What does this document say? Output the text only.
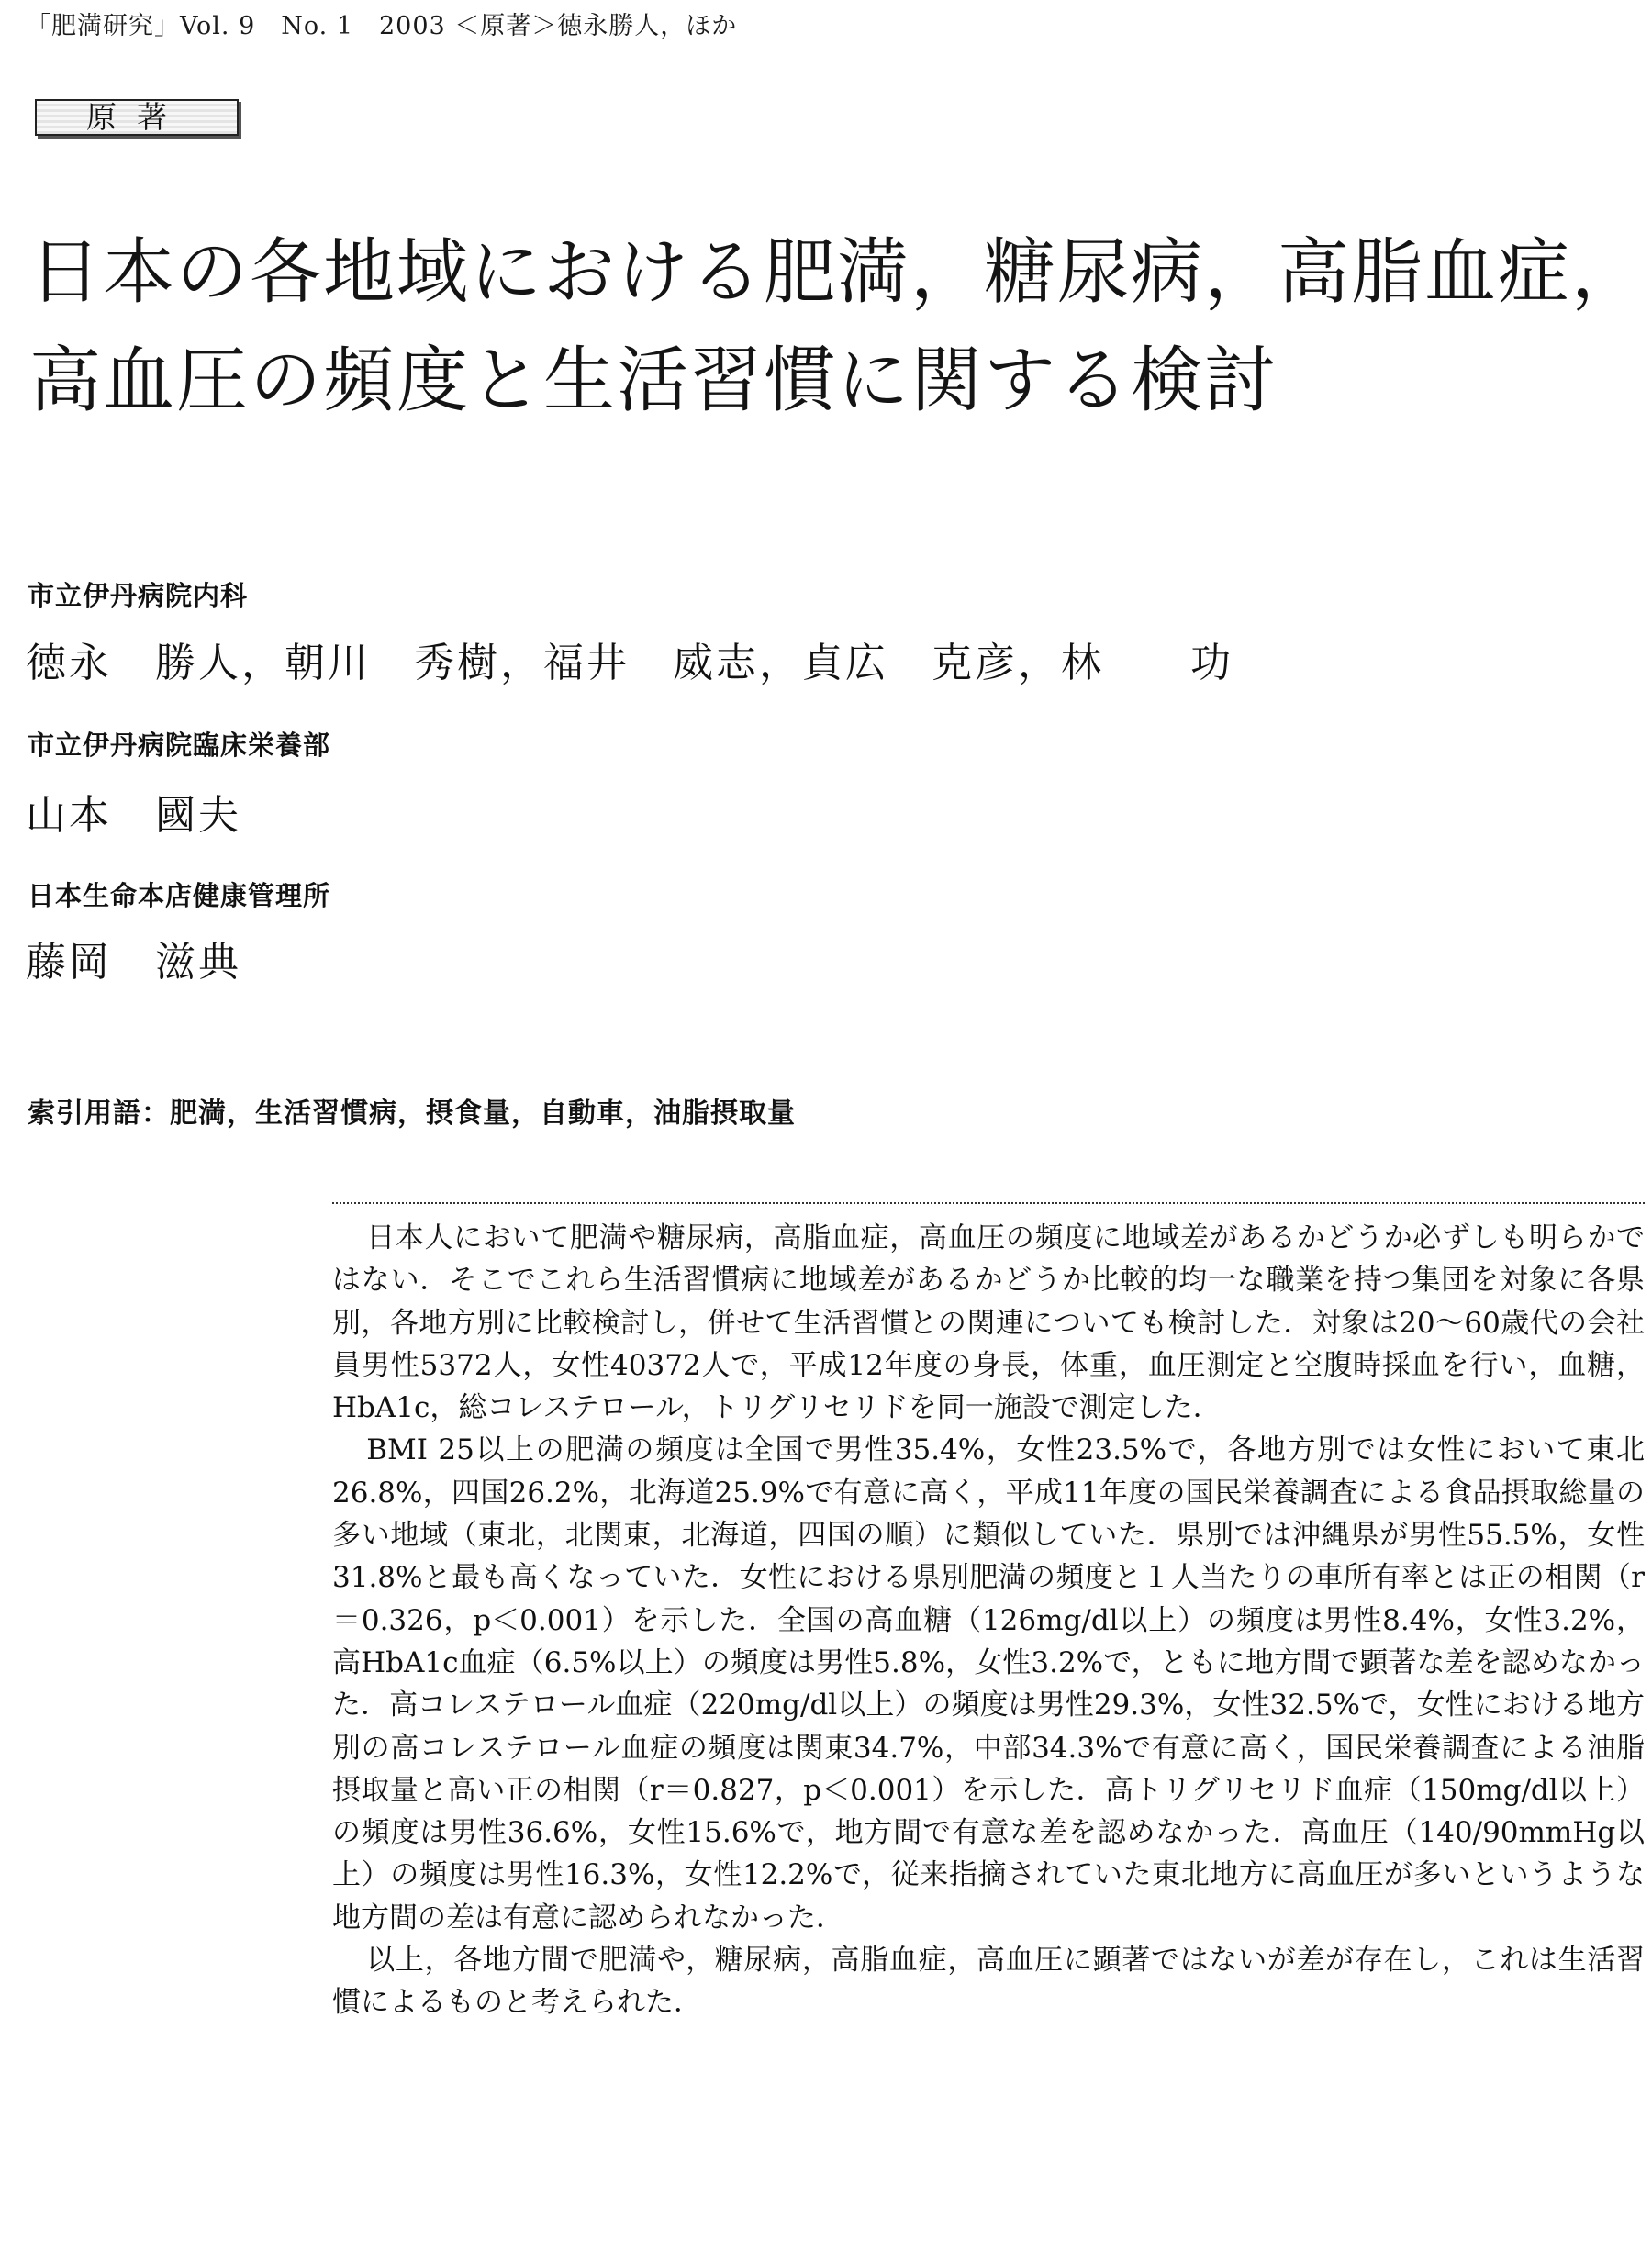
「肥満研究」Vol. 9　No. 1　2003 ＜原著＞徳永勝人，ほか
原著
日本の各地域における肥満，糖尿病，高脂血症，
高血圧の頻度と生活習慣に関する検討
市立伊丹病院内科
徳永　勝人，朝川　秀樹，福井　威志，貞広　克彦，林　　功
市立伊丹病院臨床栄養部
山本　國夫
日本生命本店健康管理所
藤岡　滋典
索引用語：肥満，生活習慣病，摂食量，自動車，油脂摂取量

日本人において肥満や糖尿病，高脂血症，高血圧の頻度に地域差があるかどうか必ずしも明らかではない．そこでこれら生活習慣病に地域差があるかどうか比較的均一な職業を持つ集団を対象に各県別，各地方別に比較検討し，併せて生活習慣との関連についても検討した．対象は20～60歳代の会社員男性5372人，女性40372人で，平成12年度の身長，体重，血圧測定と空腹時採血を行い，血糖，HbA1c，総コレステロール，トリグリセリドを同一施設で測定した．

BMI 25以上の肥満の頻度は全国で男性35.4%，女性23.5%で，各地方別では女性において東北26.8%，四国26.2%，北海道25.9%で有意に高く，平成11年度の国民栄養調査による食品摂取総量の多い地域（東北，北関東，北海道，四国の順）に類似していた．県別では沖縄県が男性55.5%，女性31.8%と最も高くなっていた．女性における県別肥満の頻度と１人当たりの車所有率とは正の相関（r＝0.326，p＜0.001）を示した．全国の高血糖（126mg/dl以上）の頻度は男性8.4%，女性3.2%，高HbA1c血症（6.5%以上）の頻度は男性5.8%，女性3.2%で，ともに地方間で顕著な差を認めなかった．高コレステロール血症（220mg/dl以上）の頻度は男性29.3%，女性32.5%で，女性における地方別の高コレステロール血症の頻度は関東34.7%，中部34.3%で有意に高く，国民栄養調査による油脂摂取量と高い正の相関（r＝0.827，p＜0.001）を示した．高トリグリセリド血症（150mg/dl以上）の頻度は男性36.6%，女性15.6%で，地方間で有意な差を認めなかった．高血圧（140/90mmHg以上）の頻度は男性16.3%，女性12.2%で，従来指摘されていた東北地方に高血圧が多いというような地方間の差は有意に認められなかった．

以上，各地方間で肥満や，糖尿病，高脂血症，高血圧に顕著ではないが差が存在し，これは生活習慣によるものと考えられた．
